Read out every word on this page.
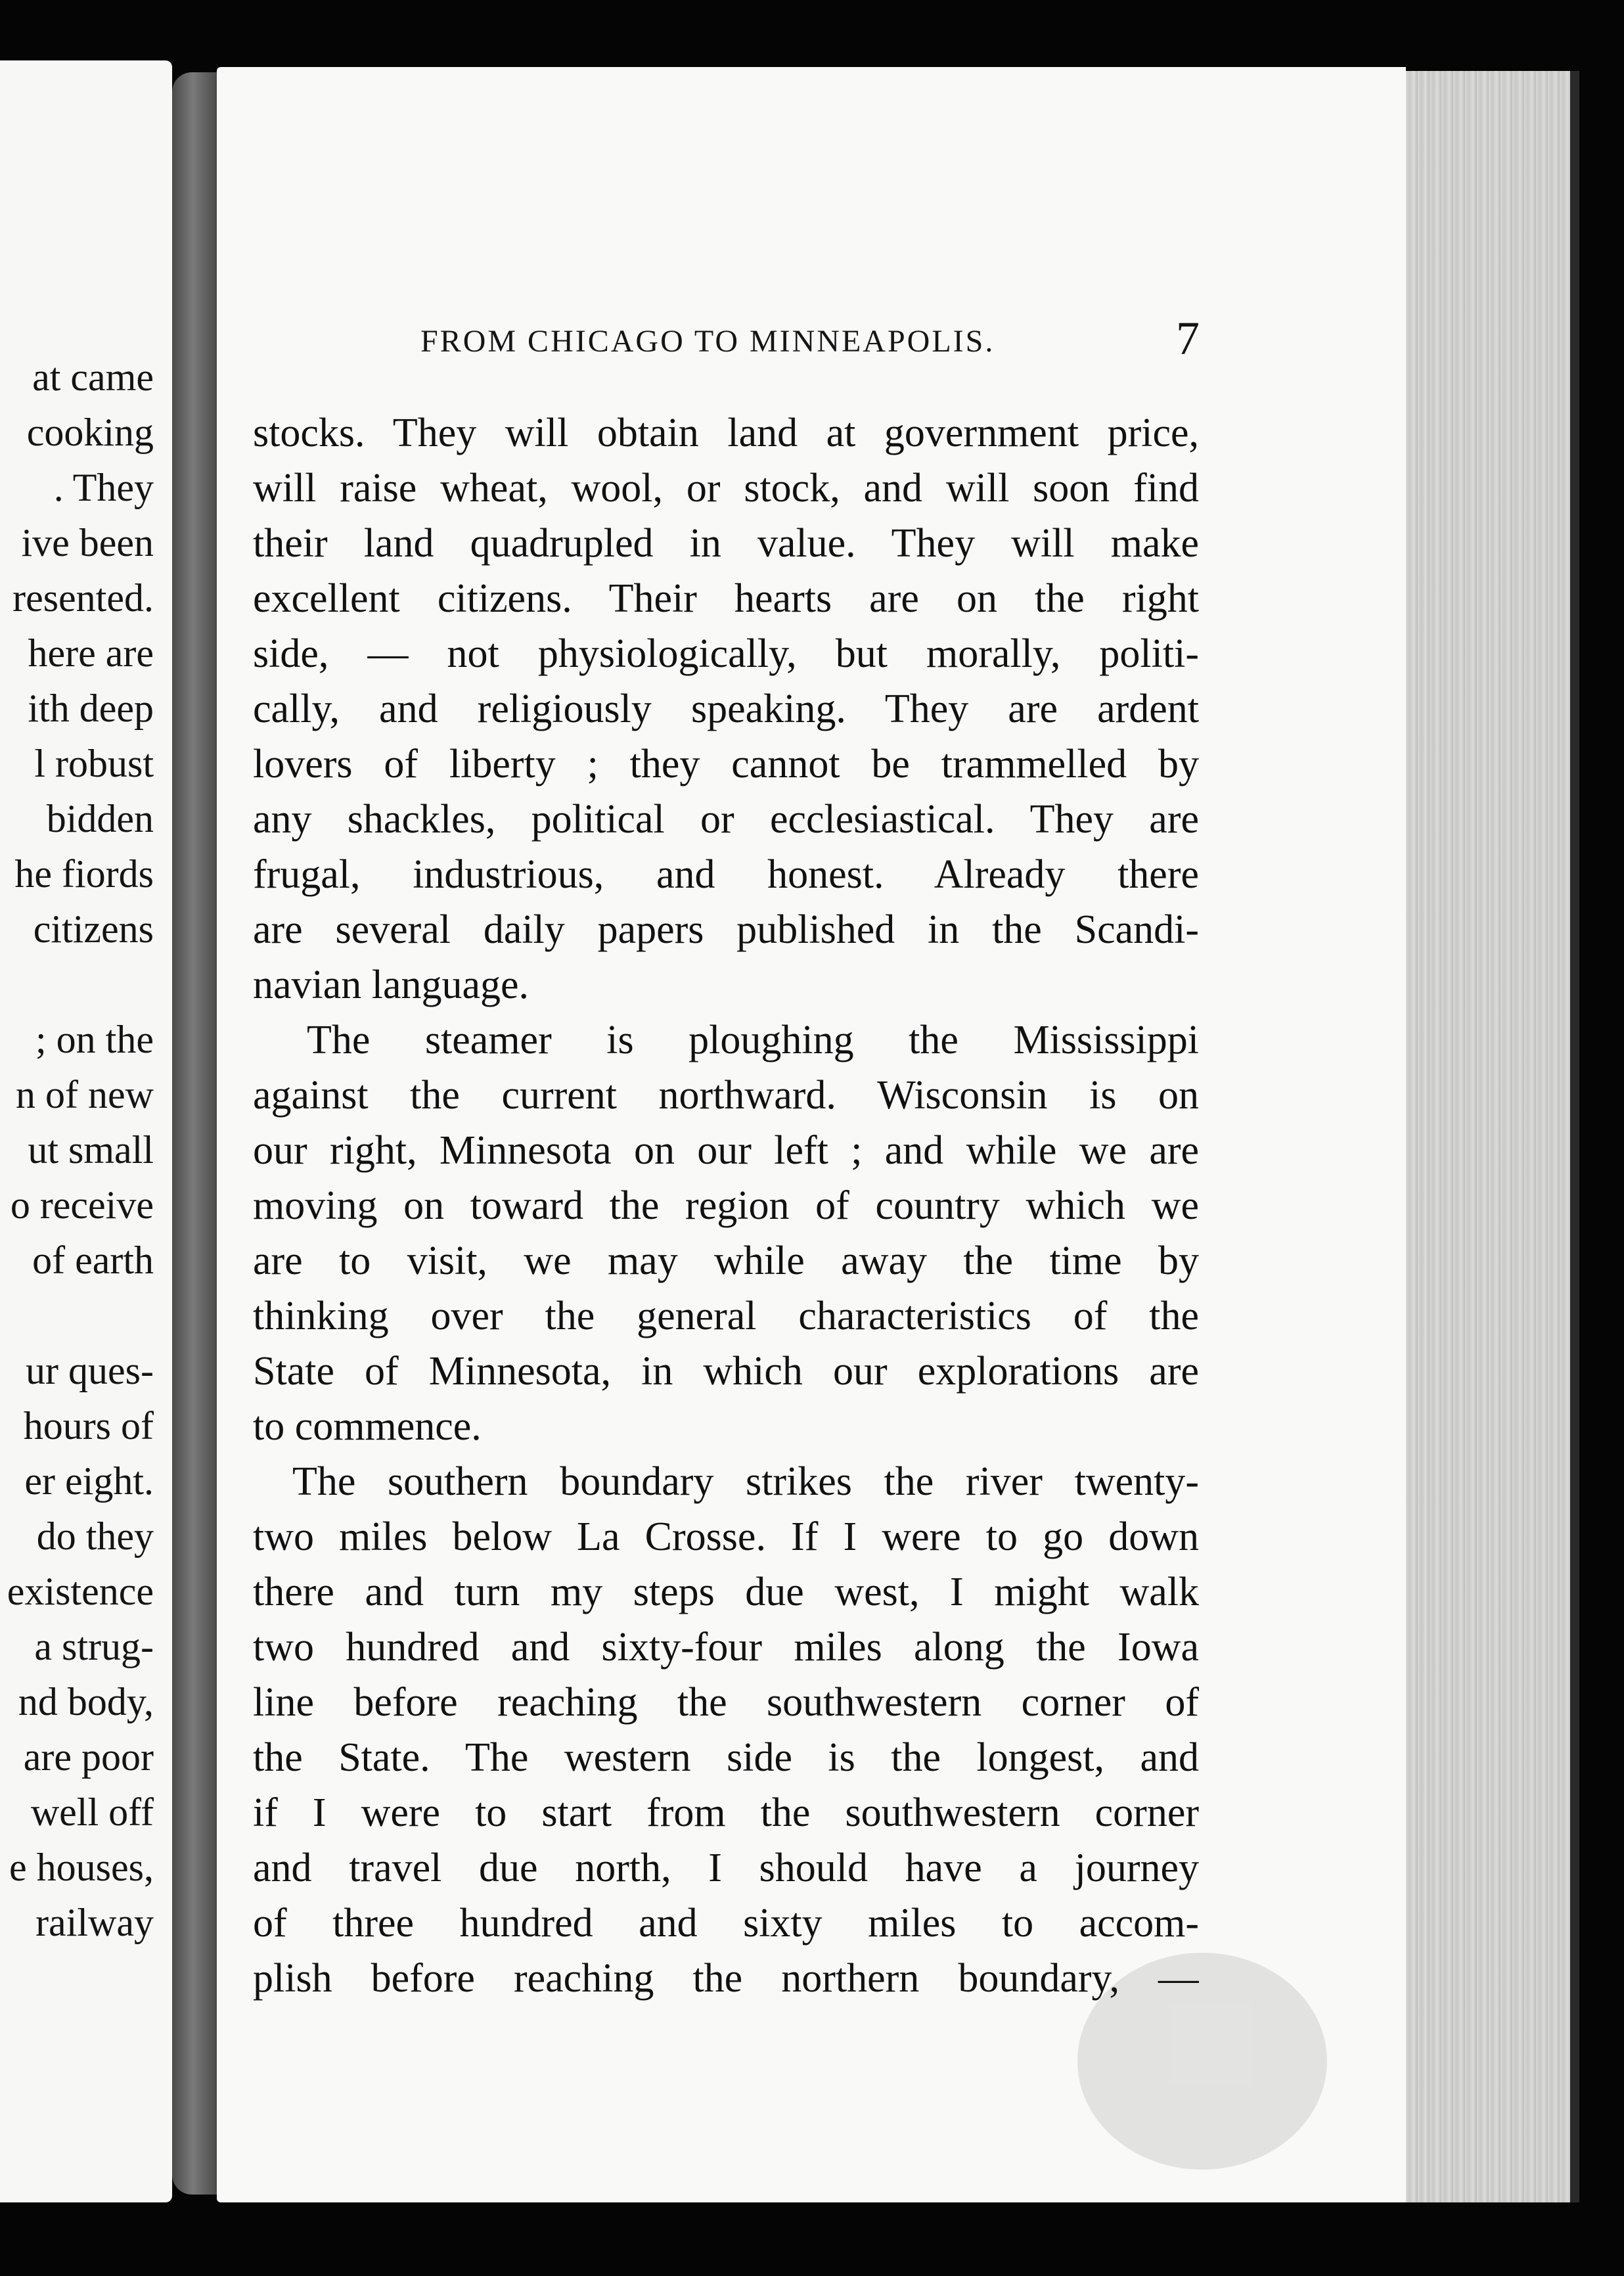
at came
cooking
. They
ive been
resented.
here are
ith deep
l robust
bidden
he fiords
citizens
; on the
n of new
ut small
o receive
of earth
ur ques-
hours of
er eight.
do they
existence
a strug-
nd body,
are poor
well off
e houses,
railway
FROM CHICAGO TO MINNEAPOLIS.	7
stocks. They will obtain land at government price,
will raise wheat, wool, or stock, and will soon find
their land quadrupled in value. They will make
excellent citizens. Their hearts are on the right
side, — not physiologically, but morally, politi-
cally, and religiously speaking. They are ardent
lovers of liberty ; they cannot be trammelled by
any shackles, political or ecclesiastical. They are
frugal, industrious, and honest. Already there
are several daily papers published in the Scandi-
navian language.
The steamer is ploughing the Mississippi
against the current northward. Wisconsin is on
our right, Minnesota on our left ; and while we are
moving on toward the region of country which we
are to visit, we may while away the time by
thinking over the general characteristics of the
State of Minnesota, in which our explorations are
to commence.
The southern boundary strikes the river twenty-
two miles below La Crosse. If I were to go down
there and turn my steps due west, I might walk
two hundred and sixty-four miles along the Iowa
line before reaching the southwestern corner of
the State. The western side is the longest, and
if I were to start from the southwestern corner
and travel due north, I should have a journey
of three hundred and sixty miles to accom-
plish before reaching the northern boundary, —
